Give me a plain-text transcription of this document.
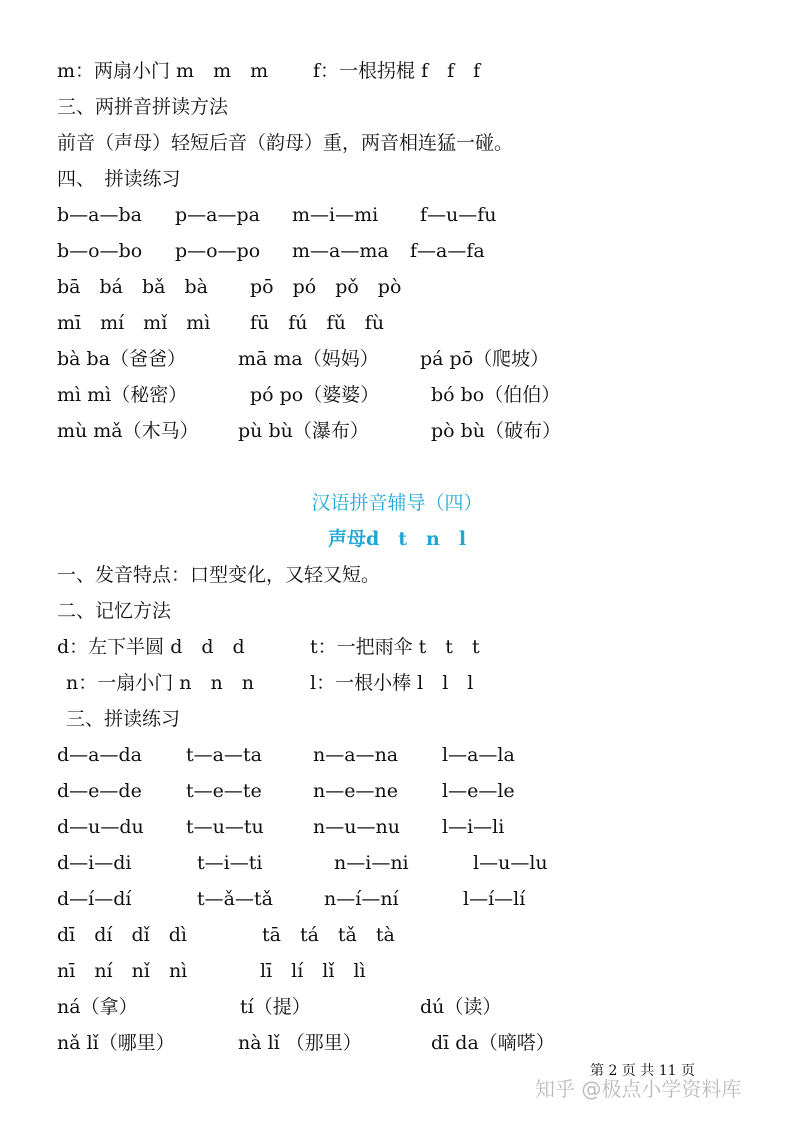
m：两扇小门 m　m　m f：一根拐棍 f　f　f
三、两拼音拼读方法
前音（声母）轻短后音（韵母）重，两音相连猛一碰。
四、　拼读练习
b—a—ba p—a—pa m—i—mi f—u—fu
b—o—bo p—o—po m—a—ma f—a—fa
bā　bá　bǎ　bà pō　pó　pǒ　pò
mī　mí　mǐ　mì fū　fú　fǔ　fù
bà ba（爸爸）	mā ma（妈妈） pá pō（爬坡）
mì mì（秘密）	pó po（婆婆）	bó bo（伯伯）
mù mǎ（木马） pù bù（瀑布）	pò bù（破布）
汉语拼音辅导（四）
声母d　t　n　l
一、发音特点：口型变化，又轻又短。
二、记忆方法
d：左下半圆 d　d　d	t：一把雨伞 t　t　t
n：一扇小门 n　n　n	l：一根小棒 l　l　l
三、拼读练习
d—a—da t—a—ta	n—a—na l—a—la
d—e—de t—e—te	n—e—ne l—e—le
d—u—du t—u—tu	n—u—nu l—i—li
d—i—di	t—i—ti	n—i—ni	l—u—lu
d—í—dí	t—ǎ—tǎ	n—í—ní	l—í—lí
dī　dí　dǐ　dì	tā　tá　tǎ　tà
nī　ní　nǐ　nì	lī　lí　lǐ　lì
ná（拿）	tí（提）	dú（读）
nǎ lǐ（哪里）	nà lǐ （那里）	dī da（嘀嗒）
第 2 页 共 11 页
知乎 @极点小学资料库
